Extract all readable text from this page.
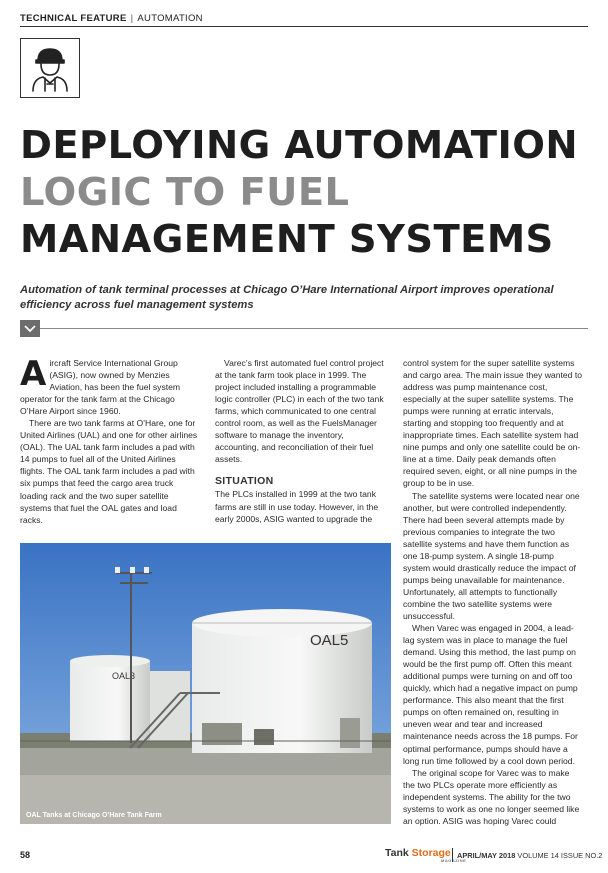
TECHNICAL FEATURE | AUTOMATION
DEPLOYING AUTOMATION
LOGIC TO FUEL
MANAGEMENT SYSTEMS

Automation of tank terminal processes at Chicago O’Hare International Airport improves operational efficiency across fuel management systems

Aircraft Service International Group (ASIG), now owned by Menzies Aviation, has been the fuel system operator for the tank farm at the Chicago O’Hare Airport since 1960.

There are two tank farms at O’Hare, one for United Airlines (UAL) and one for other airlines (OAL). The UAL tank farm includes a pad with 14 pumps to fuel all of the United Airlines flights. The OAL tank farm includes a pad with six pumps that feed the cargo area truck loading rack and the two super satellite systems that fuel the OAL gates and load racks.

Varec’s first automated fuel control project at the tank farm took place in 1999. The project included installing a programmable logic controller (PLC) in each of the two tank farms, which communicated to one central control room, as well as the FuelsManager software to manage the inventory, accounting, and reconciliation of their fuel assets.

SITUATION

The PLCs installed in 1999 at the two tank farms are still in use today. However, in the early 2000s, ASIG wanted to upgrade the

control system for the super satellite systems and cargo area. The main issue they wanted to address was pump maintenance cost, especially at the super satellite systems. The pumps were running at erratic intervals, starting and stopping too frequently and at inappropriate times. Each satellite system had nine pumps and only one satellite could be on-line at a time. Daily peak demands often required seven, eight, or all nine pumps in the group to be in use.

The satellite systems were located near one another, but were controlled independently. There had been several attempts made by previous companies to integrate the two satellite systems and have them function as one 18-pump system. A single 18-pump system would drastically reduce the impact of pumps being unavailable for maintenance. Unfortunately, all attempts to functionally combine the two satellite systems were unsuccessful.

When Varec was engaged in 2004, a lead-lag system was in place to manage the fuel demand. Using this method, the last pump on would be the first pump off. Often this meant additional pumps were turning on and off too quickly, which had a negative impact on pump performance. This also meant that the first pumps on often remained on, resulting in uneven wear and tear and increased maintenance needs across the 18 pumps. For optimal performance, pumps should have a long run time followed by a cool down period.

The original scope for Varec was to make the two PLCs operate more efficiently as independent systems. The ability for the two systems to work as one no longer seemed like an option. ASIG was hoping Varec could

OAL3
OAL5
OAL Tanks at Chicago O’Hare Tank Farm
58	Tank Storage
MAGAZINE
APRIL/MAY 2018 VOLUME 14 ISSUE NO.2
